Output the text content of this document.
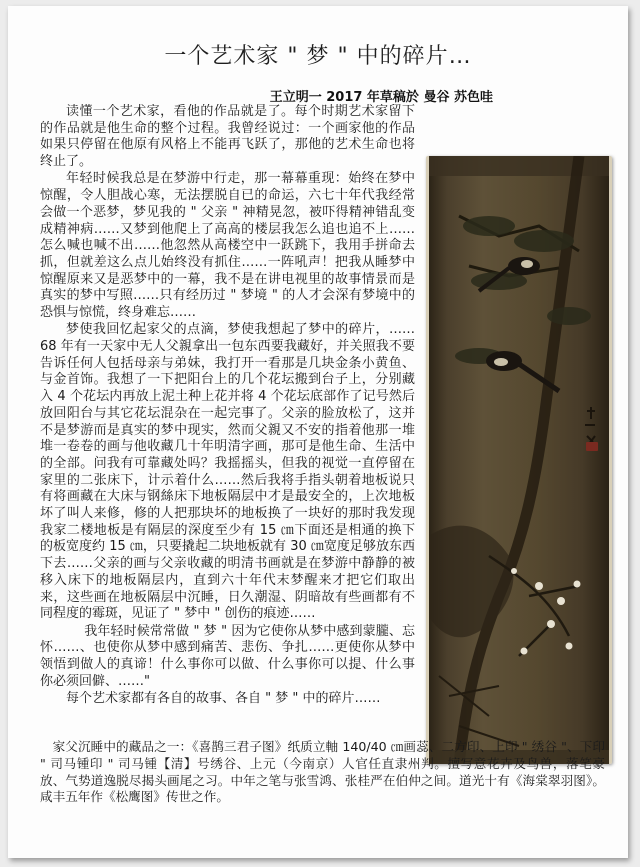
一个艺术家 " 梦 " 中的碎片…
王立明一 2017 年草稿於 曼谷 苏色哇

读懂一个艺术家，看他的作品就是了。每个时期艺术家留下的作品就是他生命的整个过程。我曾经说过：一个画家他的作品如果只停留在他原有风格上不能再飞跃了，那他的艺术生命也将终止了。

年轻时候我总是在梦游中行走，那一幕幕重现：始终在梦中惊醒，令人胆战心寒，无法摆脱自已的命运，六七十年代我经常会做一个恶梦，梦见我的 " 父亲 " 神精晃忽，被吓得精神错乱变成精神病……又梦到他爬上了高高的楼层我怎么追也追不上……怎么喊也喊不出……他忽然从高楼空中一跃跳下，我用手拼命去抓，但就差这么点儿始终没有抓住……一阵吼声！把我从睡梦中惊醒原来又是恶梦中的一幕，我不是在讲电视里的故事情景而是真实的梦中写照……只有经历过 " 梦境 " 的人才会深有梦境中的恐惧与惊慌，终身难忘……

梦使我回忆起家父的点滴，梦使我想起了梦中的碎片，……68 年有一天家中无人父親拿出一包东西要我藏好，并关照我不要告诉任何人包括母亲与弟妹，我打开一看那是几块金条小黄鱼、与金首饰。我想了一下把阳台上的几个花坛搬到台子上，分别藏入 4 个花坛内再放上泥土种上花并将 4 个花坛底部作了记号然后放回阳台与其它花坛混杂在一起完事了。父亲的脸放松了，这并不是梦游而是真实的梦中现实，然而父親又不安的指着他那一堆堆一卷卷的画与他收藏几十年明清字画，那可是他生命、生活中的全部。问我有可靠藏处吗？我摇摇头，但我的视觉一直停留在家里的二张床下，计示着什么……然后我将手指头朝着地板说只有将画藏在大床与钢絲床下地板隔层中才是最安全的，上次地板坏了叫人来修，修的人把那块坏的地板换了一块好的那时我发现我家二楼地板是有隔层的深度至少有 15 ㎝下面还是相通的换下的板宽度约 15 ㎝，只要撬起二块地板就有 30 ㎝宽度足够放东西下去……父亲的画与父亲收藏的明清书画就是在梦游中静静的被移入床下的地板隔层内，直到六十年代末梦醒来才把它们取出来，这些画在地板隔层中沉睡，日久潮湿、阴暗故有些画都有不同程度的霉斑，见证了 " 梦中 " 创伤的痕迹……

我年轻时候常常做 " 梦 " 因为它使你从梦中感到蒙朧、忘怀……、也使你从梦中感到痛苦、悲伤、争扎……更使你从梦中领悟到做人的真谛！什么事你可以做、什么事你可以提、什么事你必须回僻、……"

每个艺术家都有各自的故事、各自 " 梦 " 中的碎片……

家父沉睡中的藏品之一：《喜鹊三君子图》纸质立軸 140/40 ㎝画蕊、二方印、上印 " 绣谷 "、下印 " 司马锺印 " 司马锺【清】号绣谷、上元（今南京）人官任直隶州判。擅写意花卉及鸟兽，落笔豪放、气势道逸脱尽揭头画尾之习。中年之笔与张雪鸿、张桂严在伯仲之间。道光十有《海棠翠羽图》。咸丰五年作《松鹰图》传世之作。
